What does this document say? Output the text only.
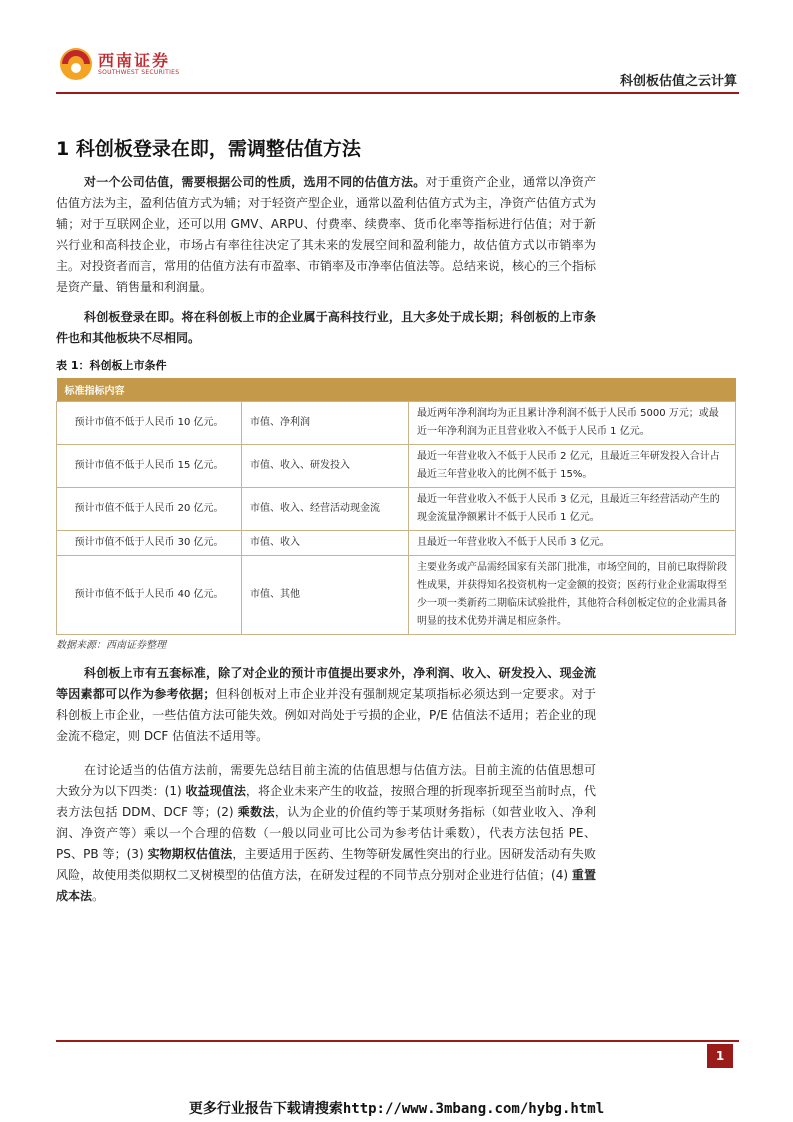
西南证券
SOUTHWEST SECURITIES
科创板估值之云计算
1 科创板登录在即，需调整估值方法
对一个公司估值，需要根据公司的性质，选用不同的估值方法。对于重资产企业，通常以净资产估值方法为主，盈利估值方式为辅；对于轻资产型企业，通常以盈利估值方式为主，净资产估值方式为辅；对于互联网企业，还可以用 GMV、ARPU、付费率、续费率、货币化率等指标进行估值；对于新兴行业和高科技企业，市场占有率往往决定了其未来的发展空间和盈利能力，故估值方式以市销率为主。对投资者而言，常用的估值方法有市盈率、市销率及市净率估值法等。总结来说，核心的三个指标是资产量、销售量和利润量。
科创板登录在即。将在科创板上市的企业属于高科技行业，且大多处于成长期；科创板的上市条件也和其他板块不尽相同。
表 1：科创板上市条件
标准指标内容		
预计市值不低于人民币 10 亿元。	市值、净利润	最近两年净利润均为正且累计净利润不低于人民币 5000 万元；或最近一年净利润为正且营业收入不低于人民币 1 亿元。
预计市值不低于人民币 15 亿元。	市值、收入、研发投入	最近一年营业收入不低于人民币 2 亿元，且最近三年研发投入合计占最近三年营业收入的比例不低于 15%。
预计市值不低于人民币 20 亿元。	市值、收入、经营活动现金流	最近一年营业收入不低于人民币 3 亿元，且最近三年经营活动产生的现金流量净额累计不低于人民币 1 亿元。
预计市值不低于人民币 30 亿元。	市值、收入	且最近一年营业收入不低于人民币 3 亿元。
预计市值不低于人民币 40 亿元。	市值、其他	主要业务或产品需经国家有关部门批准，市场空间的，目前已取得阶段性成果，并获得知名投资机构一定金额的投资；医药行业企业需取得至少一项一类新药二期临床试验批件，其他符合科创板定位的企业需具备明显的技术优势并满足相应条件。
数据来源：西南证券整理
科创板上市有五套标准，除了对企业的预计市值提出要求外，净利润、收入、研发投入、现金流等因素都可以作为参考依据；但科创板对上市企业并没有强制规定某项指标必须达到一定要求。对于科创板上市企业，一些估值方法可能失效。例如对尚处于亏损的企业，P/E 估值法不适用；若企业的现金流不稳定，则 DCF 估值法不适用等。
在讨论适当的估值方法前，需要先总结目前主流的估值思想与估值方法。目前主流的估值思想可大致分为以下四类：(1) 收益现值法，将企业未来产生的收益，按照合理的折现率折现至当前时点，代表方法包括 DDM、DCF 等；(2) 乘数法，认为企业的价值约等于某项财务指标（如营业收入、净利润、净资产等）乘以一个合理的倍数（一般以同业可比公司为参考估计乘数），代表方法包括 PE、PS、PB 等；(3) 实物期权估值法，主要适用于医药、生物等研发属性突出的行业。因研发活动有失败风险，故使用类似期权二叉树模型的估值方法，在研发过程的不同节点分别对企业进行估值；(4) 重置成本法。
1
更多行业报告下载请搜索http://www.3mbang.com/hybg.html
